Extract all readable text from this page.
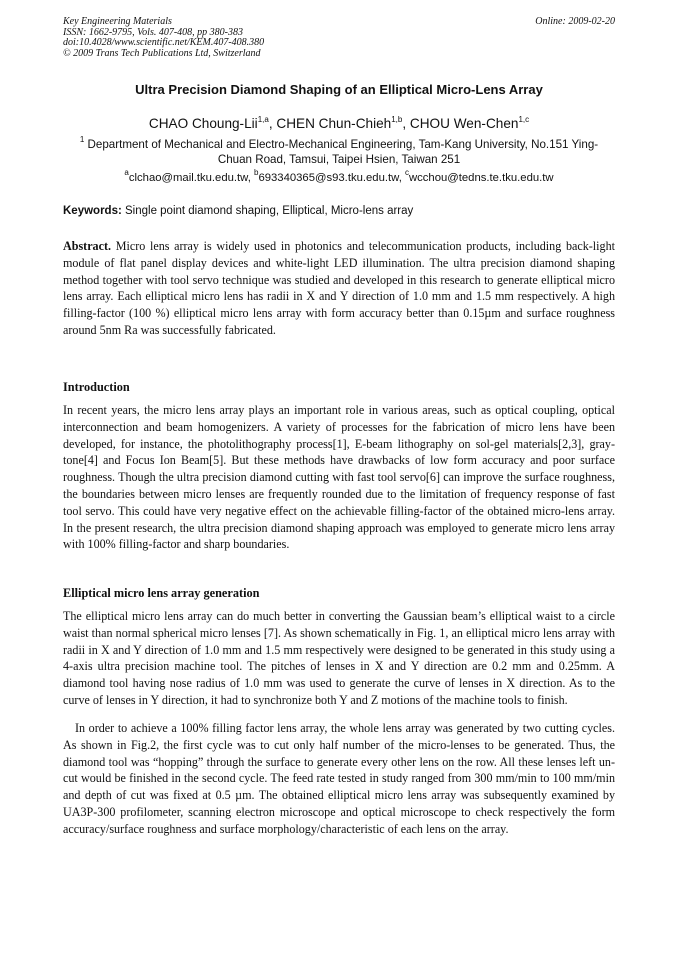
Key Engineering Materials
ISSN: 1662-9795, Vols. 407-408, pp 380-383
doi:10.4028/www.scientific.net/KEM.407-408.380
© 2009 Trans Tech Publications Ltd, Switzerland
Online: 2009-02-20
Ultra Precision Diamond Shaping of an Elliptical Micro-Lens Array
CHAO Choung-Lii$^{1,a}$, CHEN Chun-Chieh$^{1,b}$, CHOU Wen-Chen$^{1,c}$
$^1$ Department of Mechanical and Electro-Mechanical Engineering, Tam-Kang University, No.151 Ying-Chuan Road, Tamsui, Taipei Hsien, Taiwan 251
$^a$clchao@mail.tku.edu.tw, $^b$693340365@s93.tku.edu.tw, $^c$wcchou@tedns.te.tku.edu.tw
Keywords: Single point diamond shaping, Elliptical, Micro-lens array
Abstract. Micro lens array is widely used in photonics and telecommunication products, including back-light module of flat panel display devices and white-light LED illumination. The ultra precision diamond shaping method together with tool servo technique was studied and developed in this research to generate elliptical micro lens array. Each elliptical micro lens has radii in X and Y direction of 1.0 mm and 1.5 mm respectively. A high filling-factor (100 %) elliptical micro lens array with form accuracy better than 0.15µm and surface roughness around 5nm Ra was successfully fabricated.
Introduction
In recent years, the micro lens array plays an important role in various areas, such as optical coupling, optical interconnection and beam homogenizers. A variety of processes for the fabrication of micro lens have been developed, for instance, the photolithography process[1], E-beam lithography on sol-gel materials[2,3], gray-tone[4] and Focus Ion Beam[5]. But these methods have drawbacks of low form accuracy and poor surface roughness. Though the ultra precision diamond cutting with fast tool servo[6] can improve the surface roughness, the boundaries between micro lenses are frequently rounded due to the limitation of frequency response of fast tool servo. This could have very negative effect on the achievable filling-factor of the obtained micro-lens array. In the present research, the ultra precision diamond shaping approach was employed to generate micro lens array with 100% filling-factor and sharp boundaries.
Elliptical micro lens array generation
The elliptical micro lens array can do much better in converting the Gaussian beam’s elliptical waist to a circle waist than normal spherical micro lenses [7]. As shown schematically in Fig. 1, an elliptical micro lens array with radii in X and Y direction of 1.0 mm and 1.5 mm respectively were designed to be generated in this study using a 4-axis ultra precision machine tool. The pitches of lenses in X and Y direction are 0.2 mm and 0.25mm. A diamond tool having nose radius of 1.0 mm was used to generate the curve of lenses in X direction. As to the curve of lenses in Y direction, it had to synchronize both Y and Z motions of the machine tools to finish.
In order to achieve a 100% filling factor lens array, the whole lens array was generated by two cutting cycles. As shown in Fig.2, the first cycle was to cut only half number of the micro-lenses to be generated. Thus, the diamond tool was “hopping” through the surface to generate every other lens on the row. All these lenses left un-cut would be finished in the second cycle. The feed rate tested in study ranged from 300 mm/min to 100 mm/min and depth of cut was fixed at 0.5 µm. The obtained elliptical micro lens array was subsequently examined by UA3P-300 profilometer, scanning electron microscope and optical microscope to check respectively the form accuracy/surface roughness and surface morphology/characteristic of each lens on the array.
